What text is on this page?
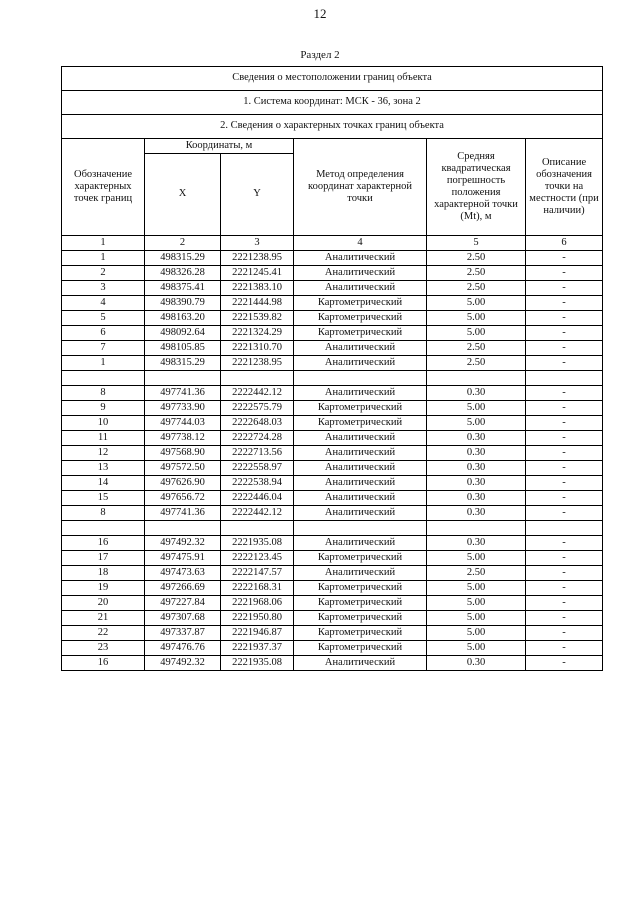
12
Раздел 2
Сведения о местоположении границ объекта					
1. Система координат: МСК - 36, зона 2					
2. Сведения о характерных точках границ объекта					
Обозначение характерных точек границ	Координаты, м		Метод определения координат характерной точки	Средняя квадратическая погрешность положения характерной точки (Mt), м	Описание обозначения точки на местности (при наличии)
	X	Y			
1	2	3	4	5	6
1	498315.29	2221238.95	Аналитический	2.50	-
2	498326.28	2221245.41	Аналитический	2.50	-
3	498375.41	2221383.10	Аналитический	2.50	-
4	498390.79	2221444.98	Картометрический	5.00	-
5	498163.20	2221539.82	Картометрический	5.00	-
6	498092.64	2221324.29	Картометрический	5.00	-
7	498105.85	2221310.70	Аналитический	2.50	-
1	498315.29	2221238.95	Аналитический	2.50	-

8	497741.36	2222442.12	Аналитический	0.30	-
9	497733.90	2222575.79	Картометрический	5.00	-
10	497744.03	2222648.03	Картометрический	5.00	-
11	497738.12	2222724.28	Аналитический	0.30	-
12	497568.90	2222713.56	Аналитический	0.30	-
13	497572.50	2222558.97	Аналитический	0.30	-
14	497626.90	2222538.94	Аналитический	0.30	-
15	497656.72	2222446.04	Аналитический	0.30	-
8	497741.36	2222442.12	Аналитический	0.30	-

16	497492.32	2221935.08	Аналитический	0.30	-
17	497475.91	2222123.45	Картометрический	5.00	-
18	497473.63	2222147.57	Аналитический	2.50	-
19	497266.69	2222168.31	Картометрический	5.00	-
20	497227.84	2221968.06	Картометрический	5.00	-
21	497307.68	2221950.80	Картометрический	5.00	-
22	497337.87	2221946.87	Картометрический	5.00	-
23	497476.76	2221937.37	Картометрический	5.00	-
16	497492.32	2221935.08	Аналитический	0.30	-
